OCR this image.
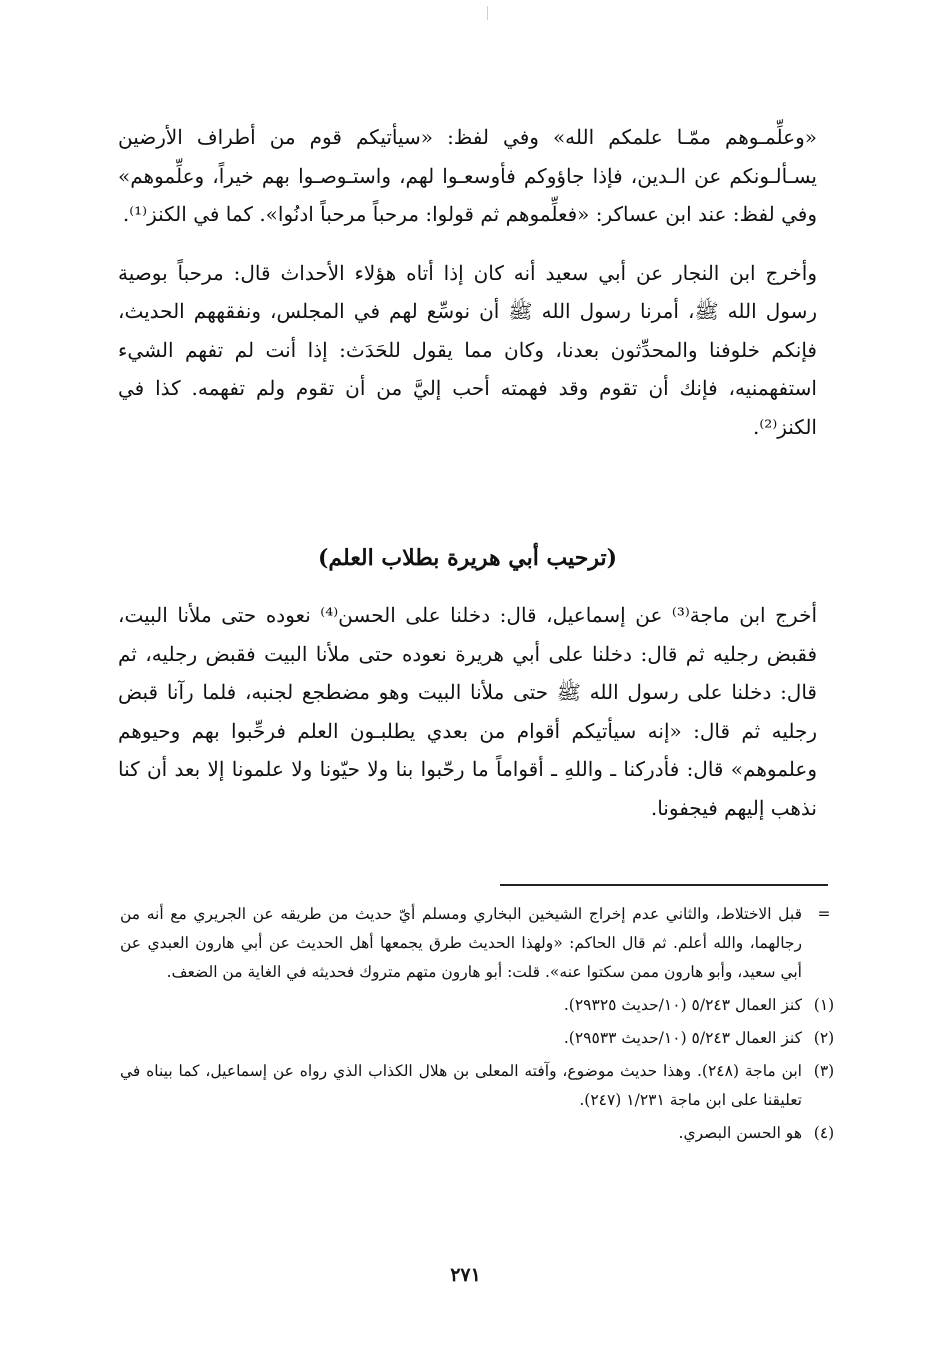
«وعلِّمـوهم ممّـا علمكم الله» وفي لفظ: «سيأتيكم قوم من أطراف الأرضين يسـألـونكم عن الـدين، فإذا جاؤوكم فأوسعـوا لهم، واستـوصـوا بهم خيراً، وعلِّموهم» وفي لفظ: عند ابن عساكر: «فعلِّموهم ثم قولوا: مرحباً مرحباً ادنُوا». كما في الكنز⁽¹⁾.

وأخرج ابن النجار عن أبي سعيد أنه كان إذا أتاه هؤلاء الأحداث قال: مرحباً بوصية رسول الله ﷺ، أمرنا رسول الله ﷺ أن نوسِّع لهم في المجلس، ونفقههم الحديث، فإنكم خلوفنا والمحدِّثون بعدنا، وكان مما يقول للحَدَث: إذا أنت لم تفهم الشيء استفهمنيه، فإنك أن تقوم وقد فهمته أحب إليَّ من أن تقوم ولم تفهمه. كذا في الكنز⁽²⁾.

(ترحيب أبي هريرة بطلاب العلم)

أخرج ابن ماجة⁽³⁾ عن إسماعيل، قال: دخلنا على الحسن⁽⁴⁾ نعوده حتى ملأنا البيت، فقبض رجليه ثم قال: دخلنا على أبي هريرة نعوده حتى ملأنا البيت فقبض رجليه، ثم قال: دخلنا على رسول الله ﷺ حتى ملأنا البيت وهو مضطجع لجنبه، فلما رآنا قبض رجليه ثم قال: «إنه سيأتيكم أقوام من بعدي يطلبـون العلم فرحِّبوا بهم وحيوهم وعلموهم» قال: فأدركنا ـ واللهِ ـ أقواماً ما رحّبوا بنا ولا حيّونا ولا علمونا إلا بعد أن كنا نذهب إليهم فيجفونا.

=
قبل الاختلاط، والثاني عدم إخراج الشيخين البخاري ومسلم أيّ حديث من طريقه عن الجريري مع أنه من رجالهما، والله أعلم. ثم قال الحاكم: «ولهذا الحديث طرق يجمعها أهل الحديث عن أبي هارون العبدي عن أبي سعيد، وأبو هارون ممن سكتوا عنه». قلت: أبو هارون متهم متروك فحديثه في الغاية من الضعف.
(١)
كنز العمال ٥/٢٤٣ (١٠/حديث ٢٩٣٢٥).
(٢)
كنز العمال ٥/٢٤٣ (١٠/حديث ٢٩٥٣٣).
(٣)
ابن ماجة (٢٤٨). وهذا حديث موضوع، وآفته المعلى بن هلال الكذاب الذي رواه عن إسماعيل، كما بيناه في تعليقنا على ابن ماجة ١/٢٣١ (٢٤٧).
(٤)
هو الحسن البصري.
٢٧١
